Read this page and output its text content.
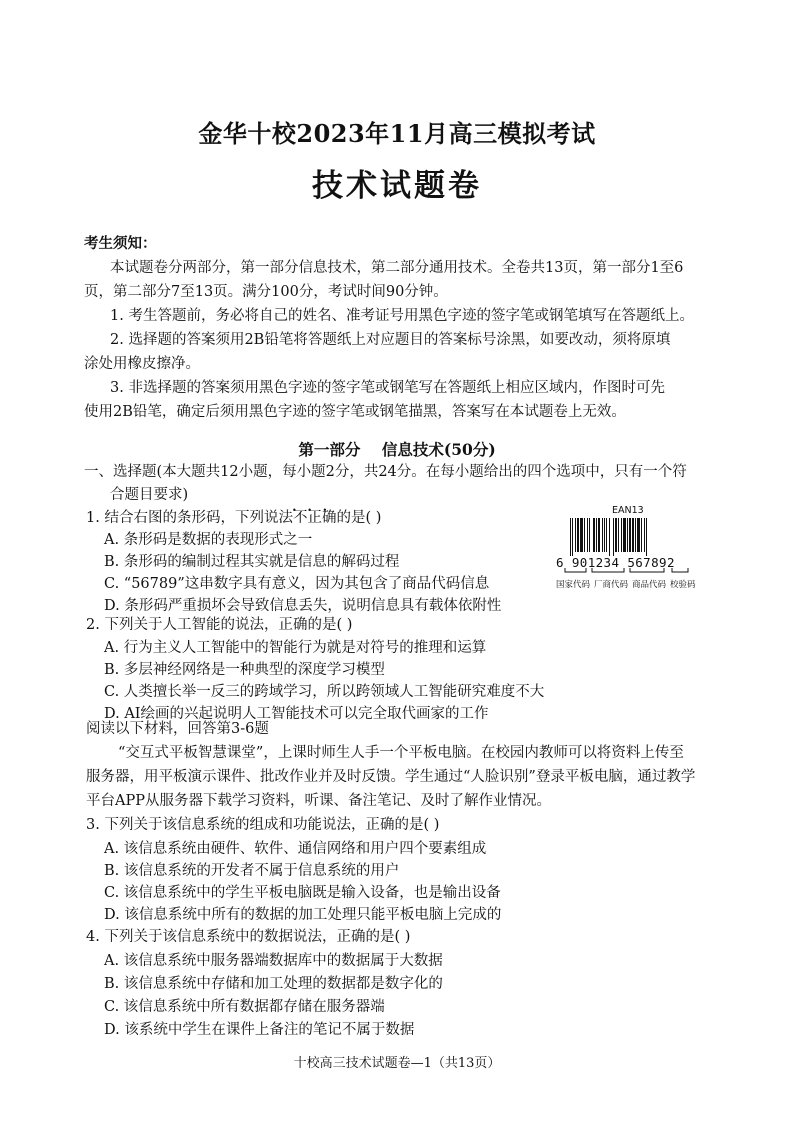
金华十校2023年11月高三模拟考试
技术试题卷
考生须知：
本试题卷分两部分，第一部分信息技术，第二部分通用技术。全卷共13页，第一部分1至6
页，第二部分7至13页。满分100分，考试时间90分钟。
1. 考生答题前，务必将自己的姓名、准考证号用黑色字迹的签字笔或钢笔填写在答题纸上。
2. 选择题的答案须用2B铅笔将答题纸上对应题目的答案标号涂黑，如要改动，须将原填
涂处用橡皮擦净。
3. 非选择题的答案须用黑色字迹的签字笔或钢笔写在答题纸上相应区域内，作图时可先
使用2B铅笔，确定后须用黑色字迹的签字笔或钢笔描黑，答案写在本试题卷上无效。
第一部分    信息技术(50分)
一、选择题(本大题共12小题，每小题2分，共24分。在每小题给出的四个选项中，只有一个符
合题目要求)
1. 结合右图的条形码，下列说法不正确 • • •的是( )
A. 条形码是数据的表现形式之一
B. 条形码的编制过程其实就是信息的解码过程
C. “56789”这串数字具有意义，因为其包含了商品代码信息
D. 条形码严重损坏会导致信息丢失，说明信息具有载体依附性
EAN13
6 901234 567892
国家代码 厂商代码 商品代码 校验码
2. 下列关于人工智能的说法，正确的是( )
A. 行为主义人工智能中的智能行为就是对符号的推理和运算
B. 多层神经网络是一种典型的深度学习模型
C. 人类擅长举一反三的跨域学习，所以跨领域人工智能研究难度不大
D. AI绘画的兴起说明人工智能技术可以完全取代画家的工作
阅读以下材料，回答第3-6题
“交互式平板智慧课堂”，上课时师生人手一个平板电脑。在校园内教师可以将资料上传至
服务器，用平板演示课件、批改作业并及时反馈。学生通过“人脸识别”登录平板电脑，通过教学
平台APP从服务器下载学习资料，听课、备注笔记、及时了解作业情况。
3. 下列关于该信息系统的组成和功能说法，正确的是( )
A. 该信息系统由硬件、软件、通信网络和用户四个要素组成
B. 该信息系统的开发者不属于信息系统的用户
C. 该信息系统中的学生平板电脑既是输入设备，也是输出设备
D. 该信息系统中所有的数据的加工处理只能平板电脑上完成的
4. 下列关于该信息系统中的数据说法，正确的是( )
A. 该信息系统中服务器端数据库中的数据属于大数据
B. 该信息系统中存储和加工处理的数据都是数字化的
C. 该信息系统中所有数据都存储在服务器端
D. 该系统中学生在课件上备注的笔记不属于数据
十校高三技术试题卷—1（共13页）
